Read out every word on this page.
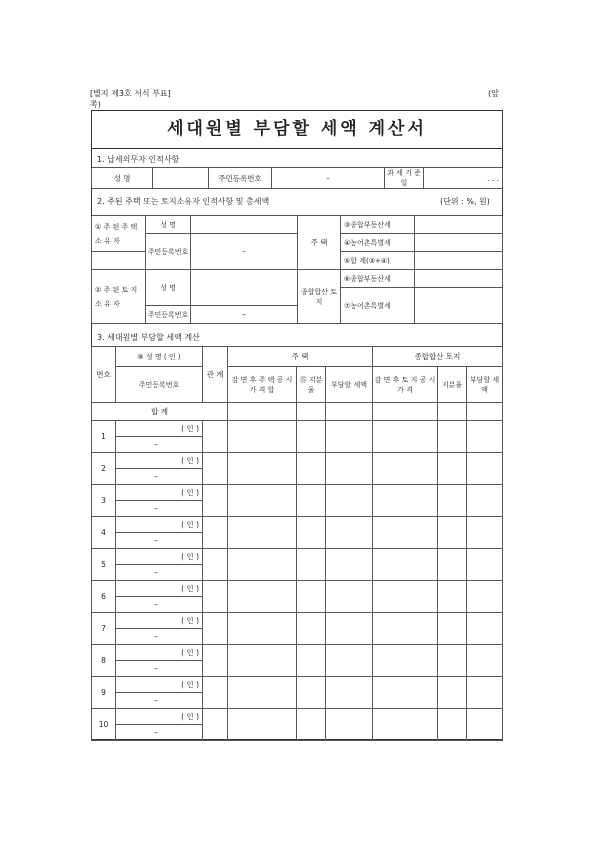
[별지 제3호 서식 부표]	(앞
쪽)
세대원별 부담할 세액 계산서
1. 납세의무자 인적사항
성 명		주민등록번호	–	과 세 기 준 일	. . .
2. 주된 주택 또는 토지소유자 인적사항 및 총세액	(단위 : %, 원)
① 주 된 주 택
소 유 자	성 명		주 택	③종합부동산세	
	주민등록번호	–		④농어촌특별세	
				⑤합 계(③+④)	
② 주 된 토 지
소 유 자	성 명		종합합산 토 지	⑥종합부동산세	
				⑦농어촌특별세	
	주민등록번호	–			
3. 세대원별 부담할 세액 계산
번호	⑨ 성 명 ( 인 )	관 계	주 택			종합합산 토지		
	주민등록번호		감 면 후 주 택 공 시 가 격 합	⑮ 지분율	부담할 세액	감 면 후 토 지 공 시 가 격	지분율	부담할 세액
합 계								
1	( 인 )							
	–							
2	( 인 )							
	–							
3	( 인 )							
	–							
4	( 인 )							
	–							
5	( 인 )							
	–							
6	( 인 )							
	–							
7	( 인 )							
	–							
8	( 인 )							
	–							
9	( 인 )							
	–							
10	( 인 )							
	–							
